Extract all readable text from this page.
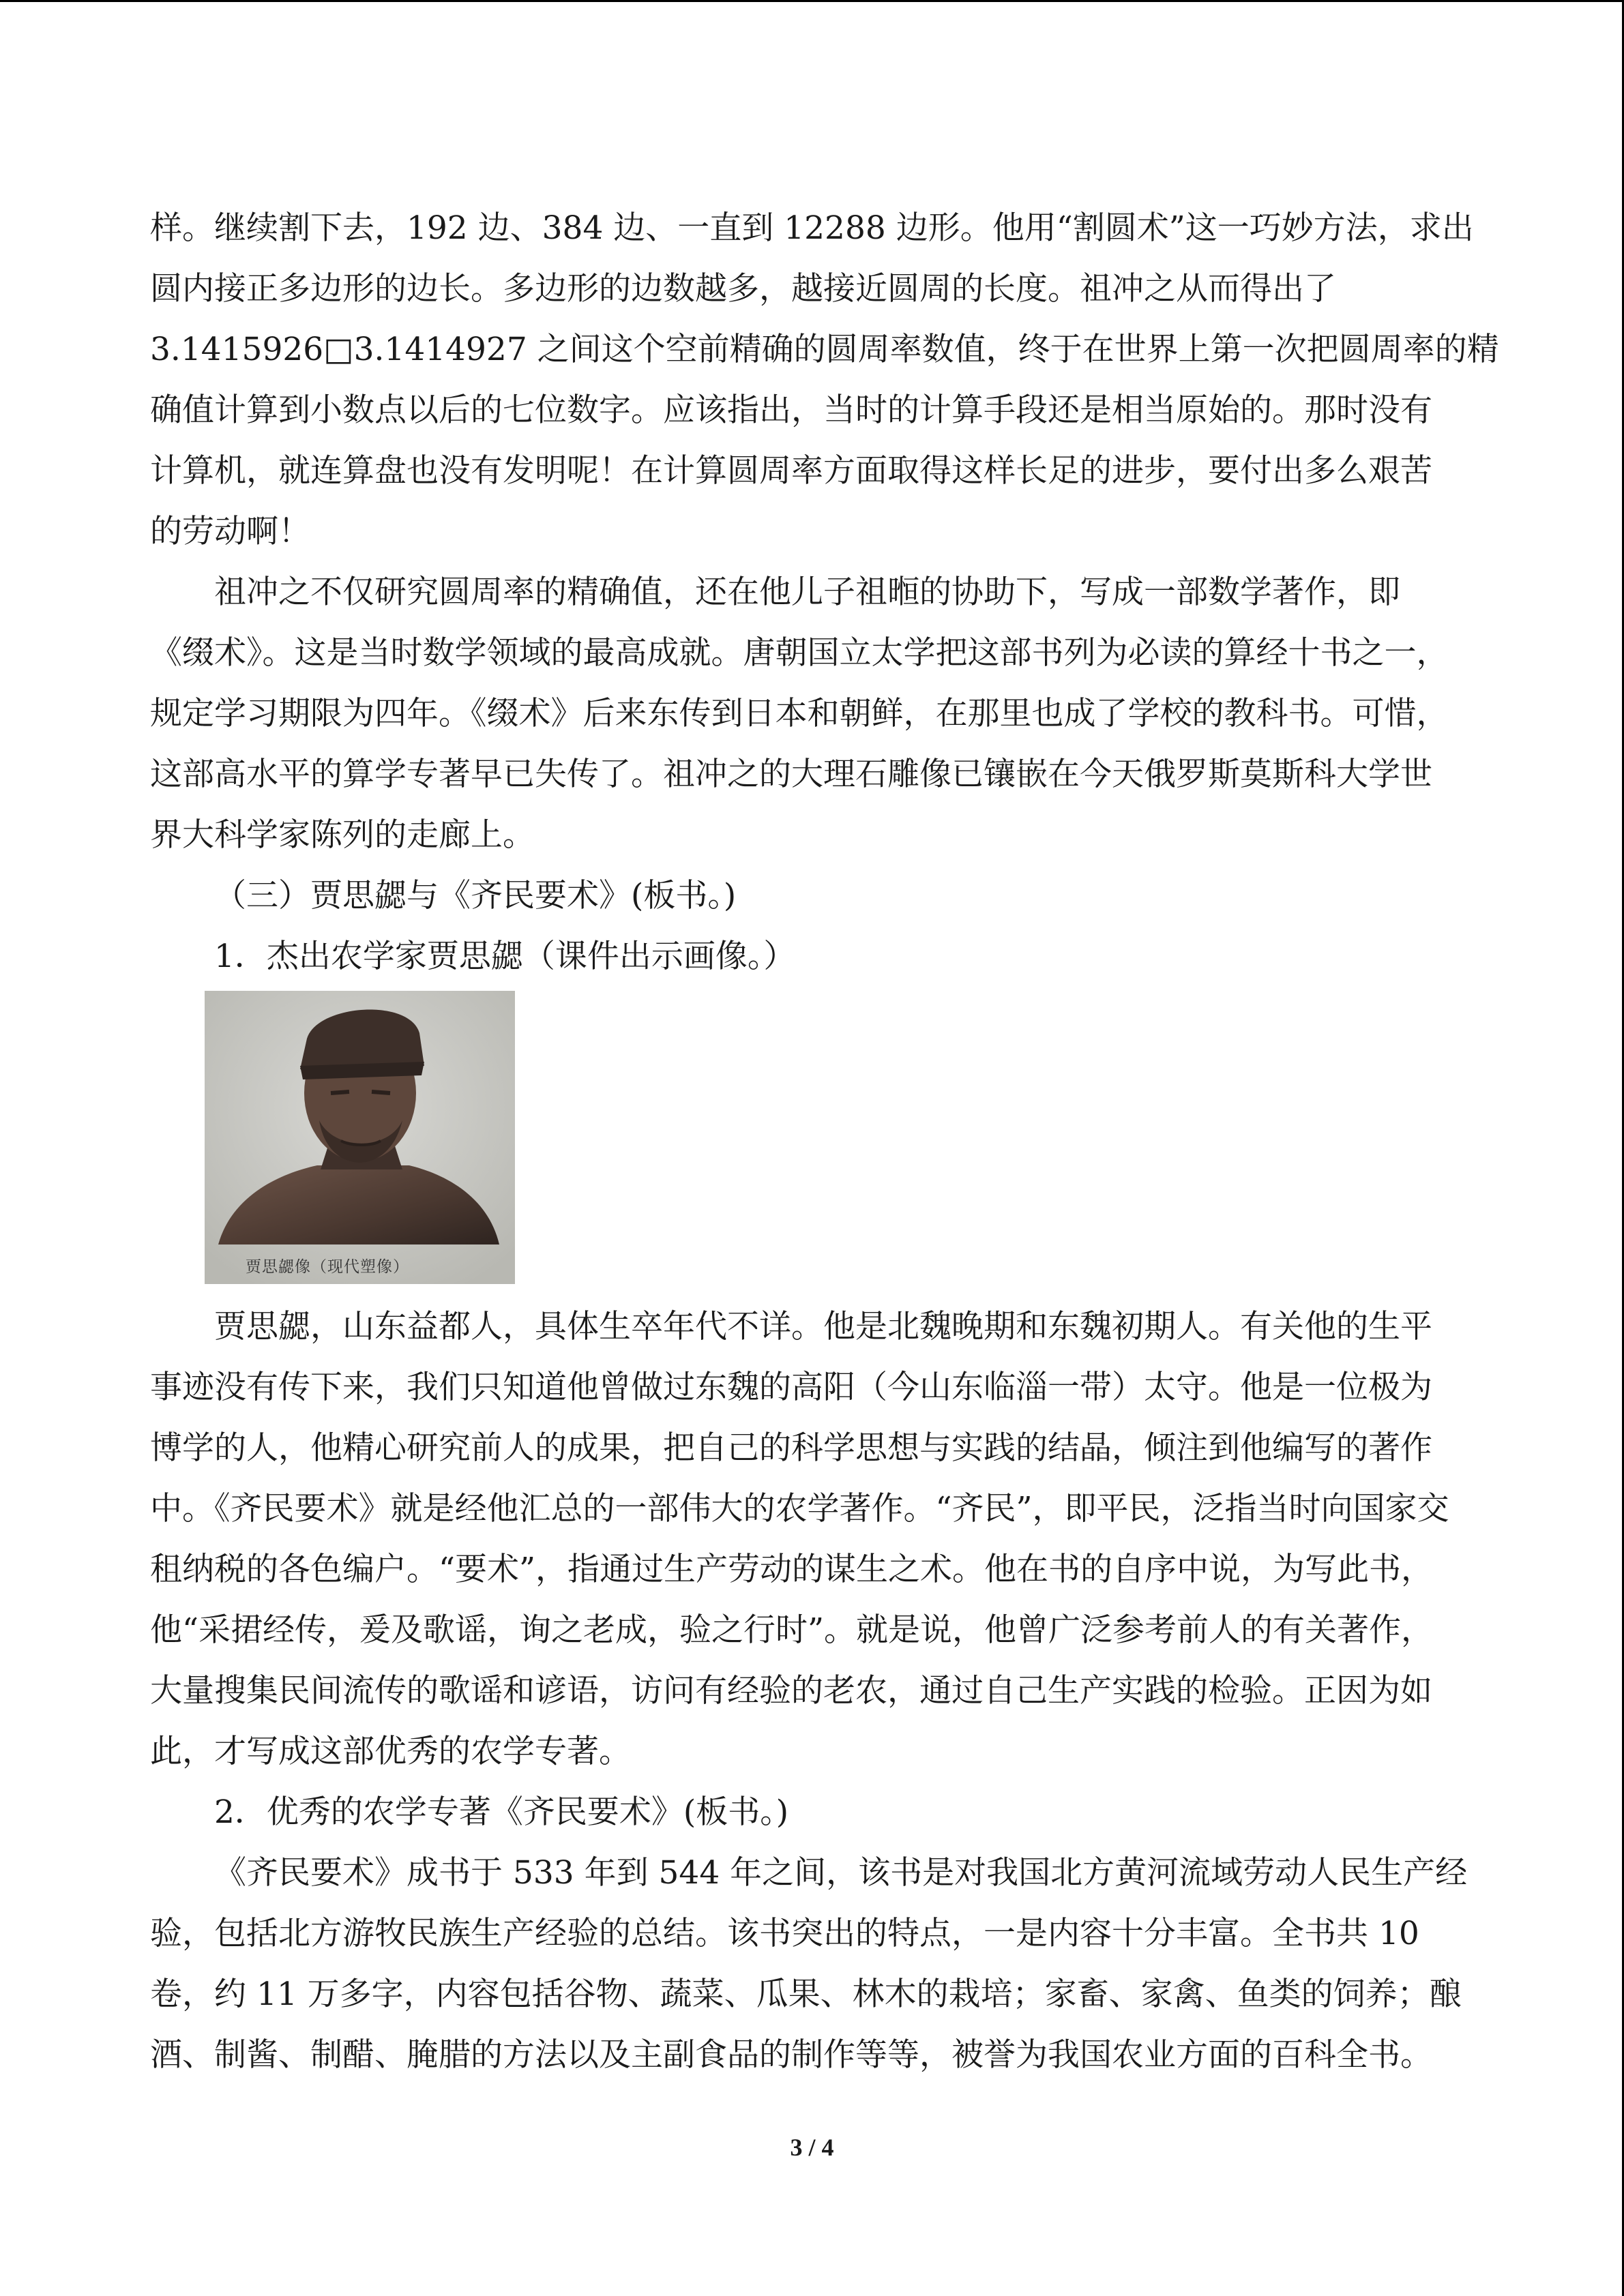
样。继续割下去，192 边、384 边、一直到 12288 边形。他用“割圆术”这一巧妙方法，求出
圆内接正多边形的边长。多边形的边数越多，越接近圆周的长度。祖冲之从而得出了
3.1415926□3.1414927 之间这个空前精确的圆周率数值，终于在世界上第一次把圆周率的精
确值计算到小数点以后的七位数字。应该指出，当时的计算手段还是相当原始的。那时没有
计算机，就连算盘也没有发明呢！在计算圆周率方面取得这样长足的进步，要付出多么艰苦
的劳动啊！
祖冲之不仅研究圆周率的精确值，还在他儿子祖暅的协助下，写成一部数学著作，即
《缀术》。这是当时数学领域的最高成就。唐朝国立太学把这部书列为必读的算经十书之一，
规定学习期限为四年。《缀术》后来东传到日本和朝鲜，在那里也成了学校的教科书。可惜，
这部高水平的算学专著早已失传了。祖冲之的大理石雕像已镶嵌在今天俄罗斯莫斯科大学世
界大科学家陈列的走廊上。
（三）贾思勰与《齐民要术》(板书。)
1．杰出农学家贾思勰（课件出示画像。）
贾思勰像（现代塑像）
贾思勰，山东益都人，具体生卒年代不详。他是北魏晚期和东魏初期人。有关他的生平
事迹没有传下来，我们只知道他曾做过东魏的高阳（今山东临淄一带）太守。他是一位极为
博学的人，他精心研究前人的成果，把自己的科学思想与实践的结晶，倾注到他编写的著作
中。《齐民要术》就是经他汇总的一部伟大的农学著作。“齐民”，即平民，泛指当时向国家交
租纳税的各色编户。“要术”，指通过生产劳动的谋生之术。他在书的自序中说，为写此书，
他“采捃经传，爰及歌谣，询之老成，验之行时”。就是说，他曾广泛参考前人的有关著作，
大量搜集民间流传的歌谣和谚语，访问有经验的老农，通过自己生产实践的检验。正因为如
此，才写成这部优秀的农学专著。
2．优秀的农学专著《齐民要术》(板书。)
《齐民要术》成书于 533 年到 544 年之间，该书是对我国北方黄河流域劳动人民生产经
验，包括北方游牧民族生产经验的总结。该书突出的特点，一是内容十分丰富。全书共 10
卷，约 11 万多字，内容包括谷物、蔬菜、瓜果、林木的栽培；家畜、家禽、鱼类的饲养；酿
酒、制酱、制醋、腌腊的方法以及主副食品的制作等等，被誉为我国农业方面的百科全书。
3 / 4
